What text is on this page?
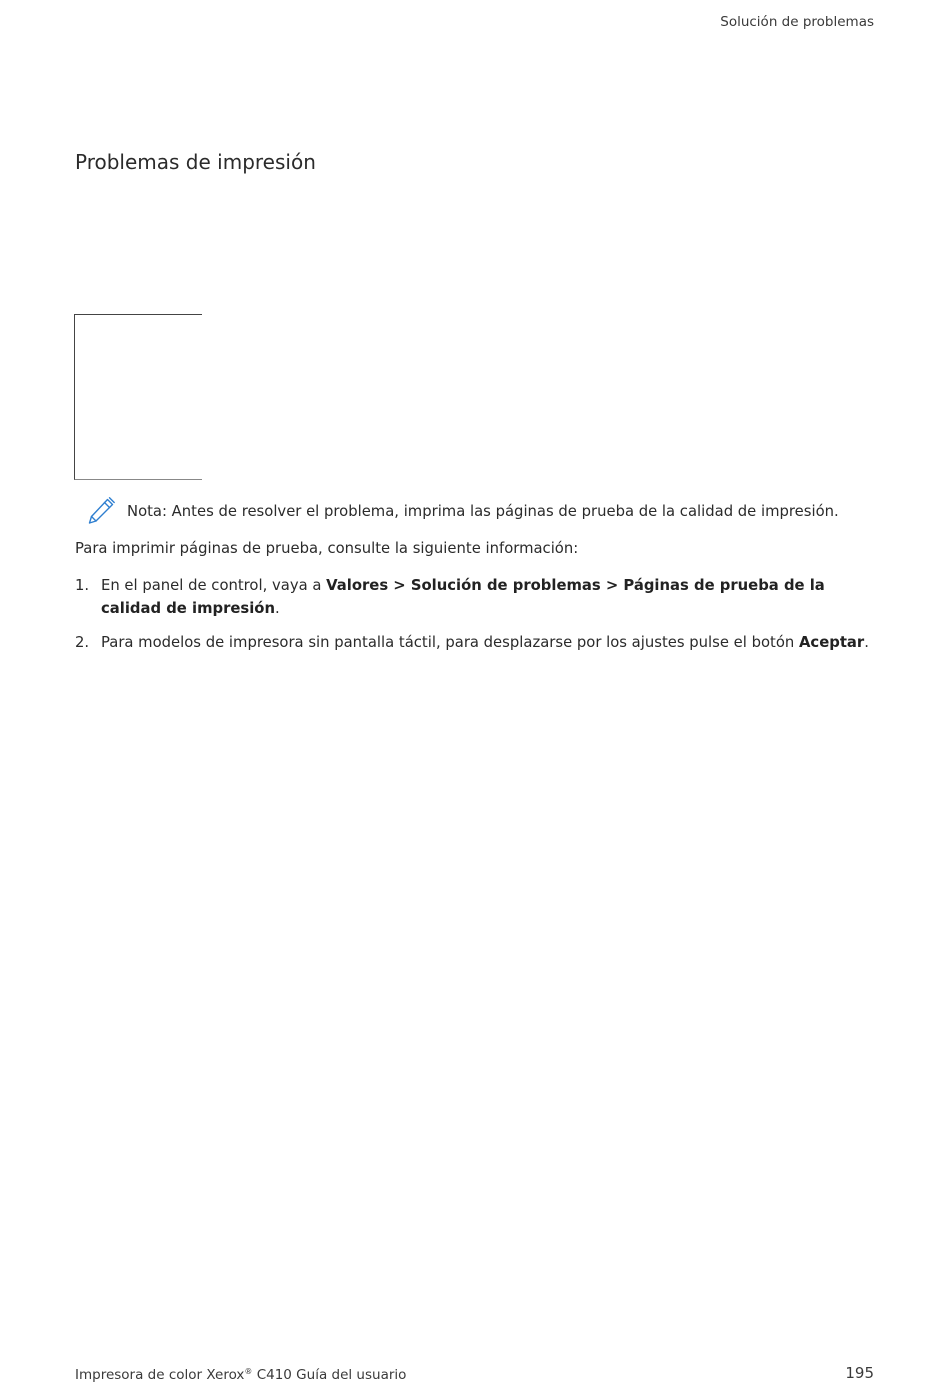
Solución de problemas
Problemas de impresión
Nota: Antes de resolver el problema, imprima las páginas de prueba de la calidad de impresión.

Para imprimir páginas de prueba, consulte la siguiente información:

1. En el panel de control, vaya a Valores > Solución de problemas > Páginas de prueba de la calidad de impresión.
2. Para modelos de impresora sin pantalla táctil, para desplazarse por los ajustes pulse el botón Aceptar.
Impresora de color Xerox® C410 Guía del usuario	195
